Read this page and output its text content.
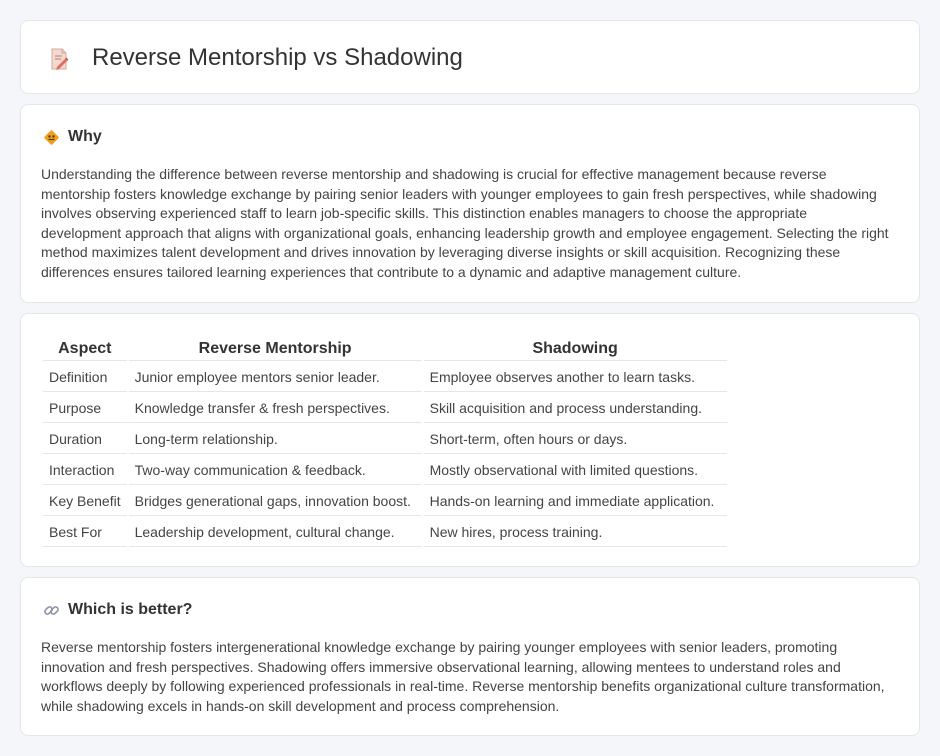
Reverse Mentorship vs Shadowing
Why

Understanding the difference between reverse mentorship and shadowing is crucial for effective management because reverse mentorship fosters knowledge exchange by pairing senior leaders with younger employees to gain fresh perspectives, while shadowing involves observing experienced staff to learn job-specific skills. This distinction enables managers to choose the appropriate development approach that aligns with organizational goals, enhancing leadership growth and employee engagement. Selecting the right method maximizes talent development and drives innovation by leveraging diverse insights or skill acquisition. Recognizing these differences ensures tailored learning experiences that contribute to a dynamic and adaptive management culture.

Aspect	Reverse Mentorship	Shadowing
Definition	Junior employee mentors senior leader.	Employee observes another to learn tasks.
Purpose	Knowledge transfer & fresh perspectives.	Skill acquisition and process understanding.
Duration	Long-term relationship.	Short-term, often hours or days.
Interaction	Two-way communication & feedback.	Mostly observational with limited questions.
Key Benefit	Bridges generational gaps, innovation boost.	Hands-on learning and immediate application.
Best For	Leadership development, cultural change.	New hires, process training.
Which is better?

Reverse mentorship fosters intergenerational knowledge exchange by pairing younger employees with senior leaders, promoting innovation and fresh perspectives. Shadowing offers immersive observational learning, allowing mentees to understand roles and workflows deeply by following experienced professionals in real-time. Reverse mentorship benefits organizational culture transformation, while shadowing excels in hands-on skill development and process comprehension.
